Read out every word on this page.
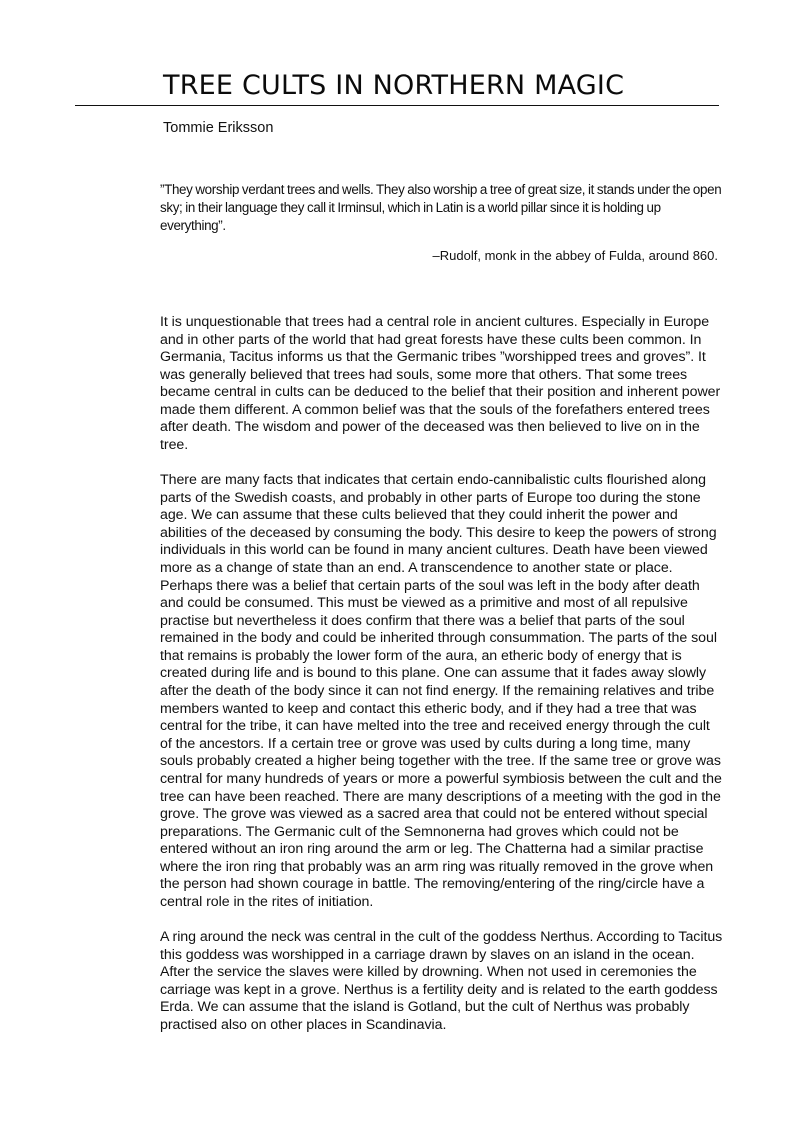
TREE CULTS IN NORTHERN MAGIC
Tommie Eriksson

”They worship verdant trees and wells. They also worship a tree of great size, it stands under the open sky; in their language they call it Irminsul, which in Latin is a world pillar since it is holding up everything”.

–Rudolf, monk in the abbey of Fulda, around 860.

It is unquestionable that trees had a central role in ancient cultures. Especially in Europe and in other parts of the world that had great forests have these cults been common. In Germania, Tacitus informs us that the Germanic tribes ”worshipped trees and groves”. It was generally believed that trees had souls, some more that others. That some trees became central in cults can be deduced to the belief that their position and inherent power made them different. A common belief was that the souls of the forefathers entered trees after death. The wisdom and power of the deceased was then believed to live on in the tree.

There are many facts that indicates that certain endo-cannibalistic cults flourished along parts of the Swedish coasts, and probably in other parts of Europe too during the stone age. We can assume that these cults believed that they could inherit the power and abilities of the deceased by consuming the body. This desire to keep the powers of strong individuals in this world can be found in many ancient cultures. Death have been viewed more as a change of state than an end. A transcendence to another state or place. Perhaps there was a belief that certain parts of the soul was left in the body after death and could be consumed. This must be viewed as a primitive and most of all repulsive practise but nevertheless it does confirm that there was a belief that parts of the soul remained in the body and could be inherited through consummation. The parts of the soul that remains is probably the lower form of the aura, an etheric body of energy that is created during life and is bound to this plane. One can assume that it fades away slowly after the death of the body since it can not find energy. If the remaining relatives and tribe members wanted to keep and contact this etheric body, and if they had a tree that was central for the tribe, it can have melted into the tree and received energy through the cult of the ancestors. If a certain tree or grove was used by cults during a long time, many souls probably created a higher being together with the tree. If the same tree or grove was central for many hundreds of years or more a powerful symbiosis between the cult and the tree can have been reached. There are many descriptions of a meeting with the god in the grove. The grove was viewed as a sacred area that could not be entered without special preparations. The Germanic cult of the Semnonerna had groves which could not be entered without an iron ring around the arm or leg. The Chatterna had a similar practise where the iron ring that probably was an arm ring was ritually removed in the grove when the person had shown courage in battle. The removing/entering of the ring/circle have a central role in the rites of initiation.

A ring around the neck was central in the cult of the goddess Nerthus. According to Tacitus this goddess was worshipped in a carriage drawn by slaves on an island in the ocean. After the service the slaves were killed by drowning. When not used in ceremonies the carriage was kept in a grove. Nerthus is a fertility deity and is related to the earth goddess Erda. We can assume that the island is Gotland, but the cult of Nerthus was probably practised also on other places in Scandinavia.
